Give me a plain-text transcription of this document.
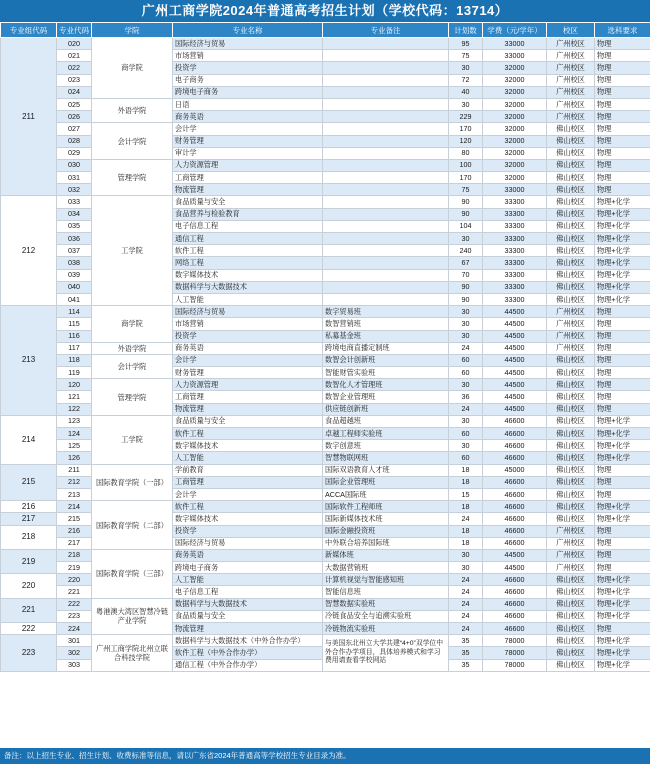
广州工商学院2024年普通高考招生计划（学校代码：13714）
专业组代码	专业代码	学院	专业名称	专业备注	计划数	学费（元/学年）	校区	选科要求
211	020	商学院	国际经济与贸易		95	33000	广州校区	物理
	021		市场营销		75	33000	广州校区	物理
	022		投资学		30	32000	广州校区	物理
	023		电子商务		72	32000	广州校区	物理
	024		跨境电子商务		40	32000	广州校区	物理
	025	外语学院	日语		30	32000	广州校区	物理
	026		商务英语		229	32000	广州校区	物理
	027	会计学院	会计学		170	32000	佛山校区	物理
	028		财务管理		120	32000	佛山校区	物理
	029		审计学		80	32000	佛山校区	物理
	030	管理学院	人力资源管理		100	32000	佛山校区	物理
	031		工商管理		170	32000	佛山校区	物理
	032		物流管理		75	33000	佛山校区	物理
212	033	工学院	食品质量与安全		90	33300	佛山校区	物理+化学
	034		食品营养与检验教育		90	33300	佛山校区	物理+化学
	035		电子信息工程		104	33300	佛山校区	物理+化学
	036		通信工程		30	33300	佛山校区	物理+化学
	037		软件工程		240	33300	佛山校区	物理+化学
	038		网络工程		67	33300	佛山校区	物理+化学
	039		数字媒体技术		70	33300	佛山校区	物理+化学
	040		数据科学与大数据技术		90	33300	佛山校区	物理+化学
	041		人工智能		90	33300	佛山校区	物理+化学
213	114	商学院	国际经济与贸易	数字贸易班	30	44500	广州校区	物理
	115		市场营销	数智营销班	30	44500	广州校区	物理
	116		投资学	私募基金班	30	44500	广州校区	物理
	117	外语学院	商务英语	跨境电商直播定制班	24	44500	广州校区	物理
	118	会计学院	会计学	数智会计创新班	60	44500	佛山校区	物理
	119		财务管理	智能财管实验班	60	44500	佛山校区	物理
	120	管理学院	人力资源管理	数智化人才管理班	30	44500	佛山校区	物理
	121		工商管理	数智企业管理班	36	44500	佛山校区	物理
	122		物流管理	供应链创新班	24	44500	佛山校区	物理
214	123	工学院	食品质量与安全	食品超越班	30	46600	佛山校区	物理+化学
	124		软件工程	卓越工程师实验班	60	46600	佛山校区	物理+化学
	125		数字媒体技术	数字创意班	30	46600	佛山校区	物理+化学
	126		人工智能	智慧物联网班	60	46600	佛山校区	物理+化学
215	211	国际教育学院（一部）	学前教育	国际双语教育人才班	18	45000	佛山校区	物理
	212		工商管理	国际企业管理班	18	46600	佛山校区	物理
	213		会计学	ACCA国际班	15	46600	佛山校区	物理
216	214	国际教育学院（二部）	软件工程	国际软件工程师班	18	46600	佛山校区	物理+化学
217	215		数字媒体技术	国际新媒体技术班	24	46600	佛山校区	物理+化学
218	216		投资学	国际金融投资班	18	46600	广州校区	物理
	217		国际经济与贸易	中外联合培养国际班	18	46600	广州校区	物理
219	218	国际教育学院（三部）	商务英语	新媒体班	30	44500	广州校区	物理
	219		跨境电子商务	大数据营销班	30	44500	广州校区	物理
220	220		人工智能	计算机视觉与智能感知班	24	46600	佛山校区	物理+化学
	221		电子信息工程	智能信息班	24	46600	佛山校区	物理+化学
221	222	粤港澳大湾区智慧冷链产业学院	数据科学与大数据技术	智慧数据实验班	24	46600	佛山校区	物理+化学
	223		食品质量与安全	冷链食品安全与追溯实验班	24	46600	佛山校区	物理+化学
222	224		物流管理	冷链物流实验班	24	46600	佛山校区	物理
223	301	广州工商学院北州立联合科技学院	数据科学与大数据技术（中外合作办学）	与美国东北州立大学共建“4+0”双学位中外合作办学项目，具体培养模式和学习费用请查看学校网站	35	78000	佛山校区	物理+化学
	302		软件工程（中外合作办学）		35	78000	佛山校区	物理+化学
	303		通信工程（中外合作办学）		35	78000	佛山校区	物理+化学
备注：以上招生专业、招生计划、收费标准等信息，请以广东省2024年普通高等学校招生专业目录为准。
